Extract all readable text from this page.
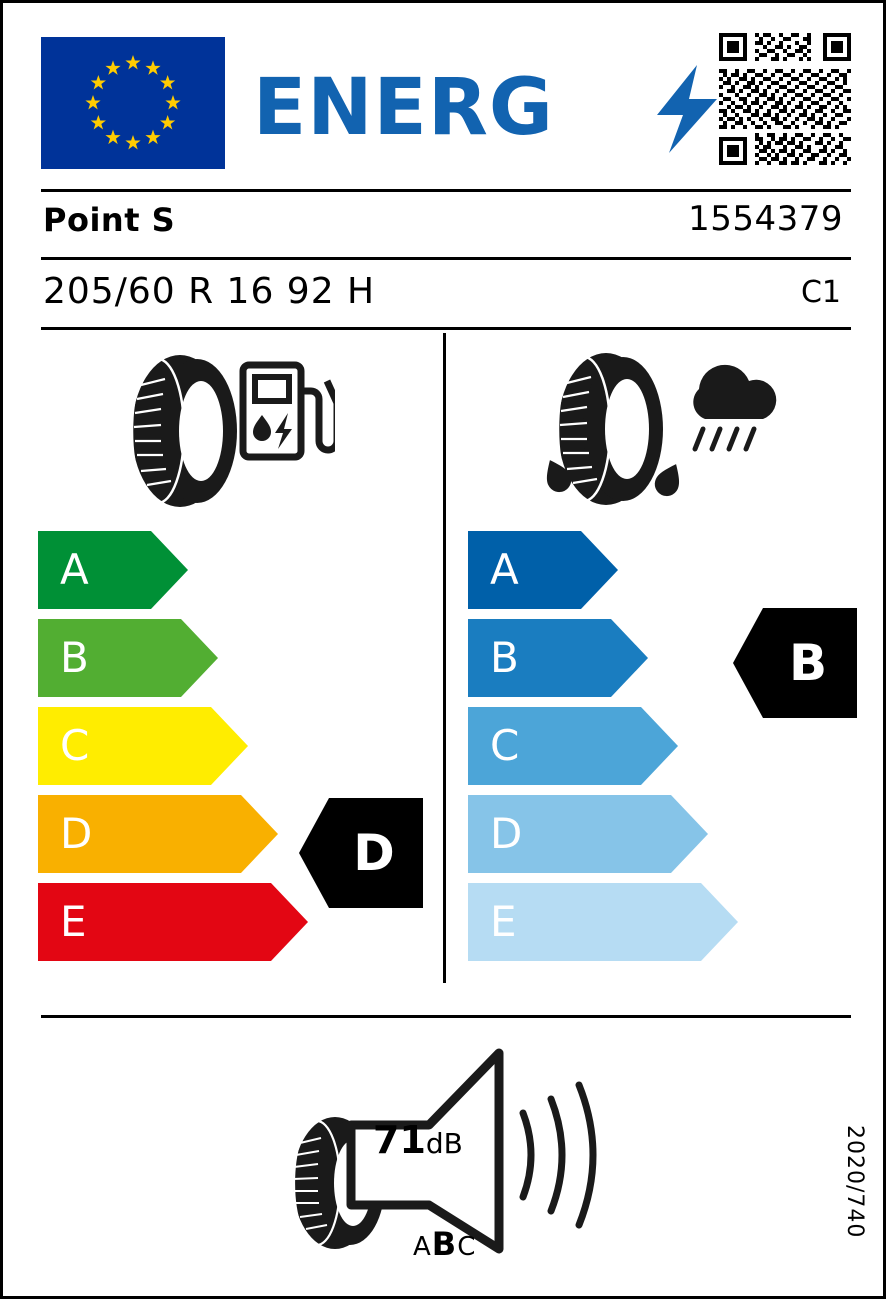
ENERG
Point S	1554379
205/60 R 16 92 H	C1
A
B
C
D
E
A
B
C
D
E
D
B
71dB
ABC
2020/740
